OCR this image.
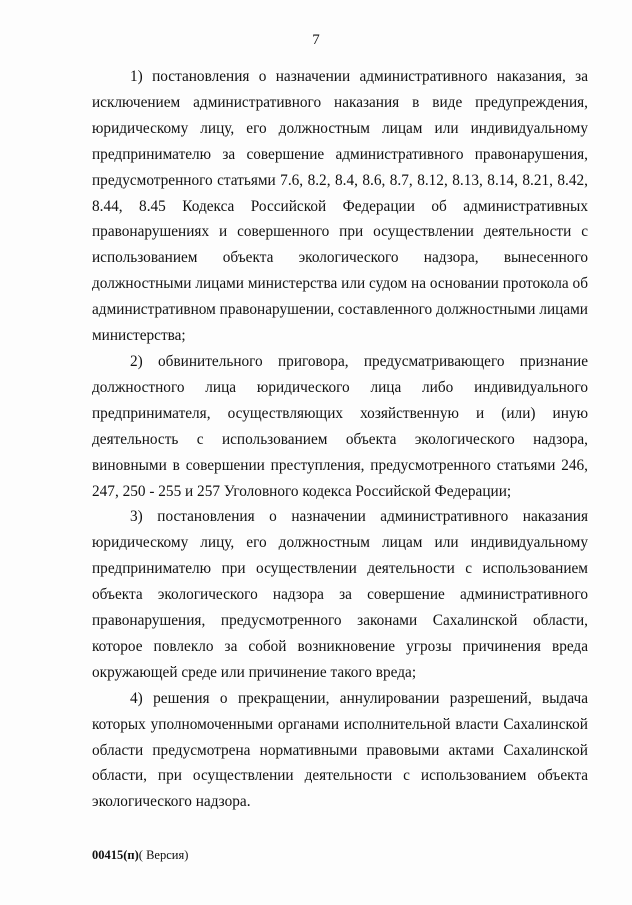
7

1) постановления о назначении административного наказания, за исключением административного наказания в виде предупреждения, юридическому лицу, его должностным лицам или индивидуальному предпринимателю за совершение административного правонарушения, предусмотренного статьями 7.6, 8.2, 8.4, 8.6, 8.7, 8.12, 8.13, 8.14, 8.21, 8.42, 8.44, 8.45 Кодекса Российской Федерации об административных правонарушениях и совершенного при осуществлении деятельности с использованием объекта экологического надзора, вынесенного должностными лицами министерства или судом на основании протокола об административном правонарушении, составленного должностными лицами министерства;

2) обвинительного приговора, предусматривающего признание должностного лица юридического лица либо индивидуального предпринимателя, осуществляющих хозяйственную и (или) иную деятельность с использованием объекта экологического надзора, виновными в совершении преступления, предусмотренного статьями 246, 247, 250 - 255 и 257 Уголовного кодекса Российской Федерации;

3) постановления о назначении административного наказания юридическому лицу, его должностным лицам или индивидуальному предпринимателю при осуществлении деятельности с использованием объекта экологического надзора за совершение административного правонарушения, предусмотренного законами Сахалинской области, которое повлекло за собой возникновение угрозы причинения вреда окружающей среде или причинение такого вреда;

4) решения о прекращении, аннулировании разрешений, выдача которых уполномоченными органами исполнительной власти Сахалинской области предусмотрена нормативными правовыми актами Сахалинской области, при осуществлении деятельности с использованием объекта экологического надзора.

00415(п)( Версия)
